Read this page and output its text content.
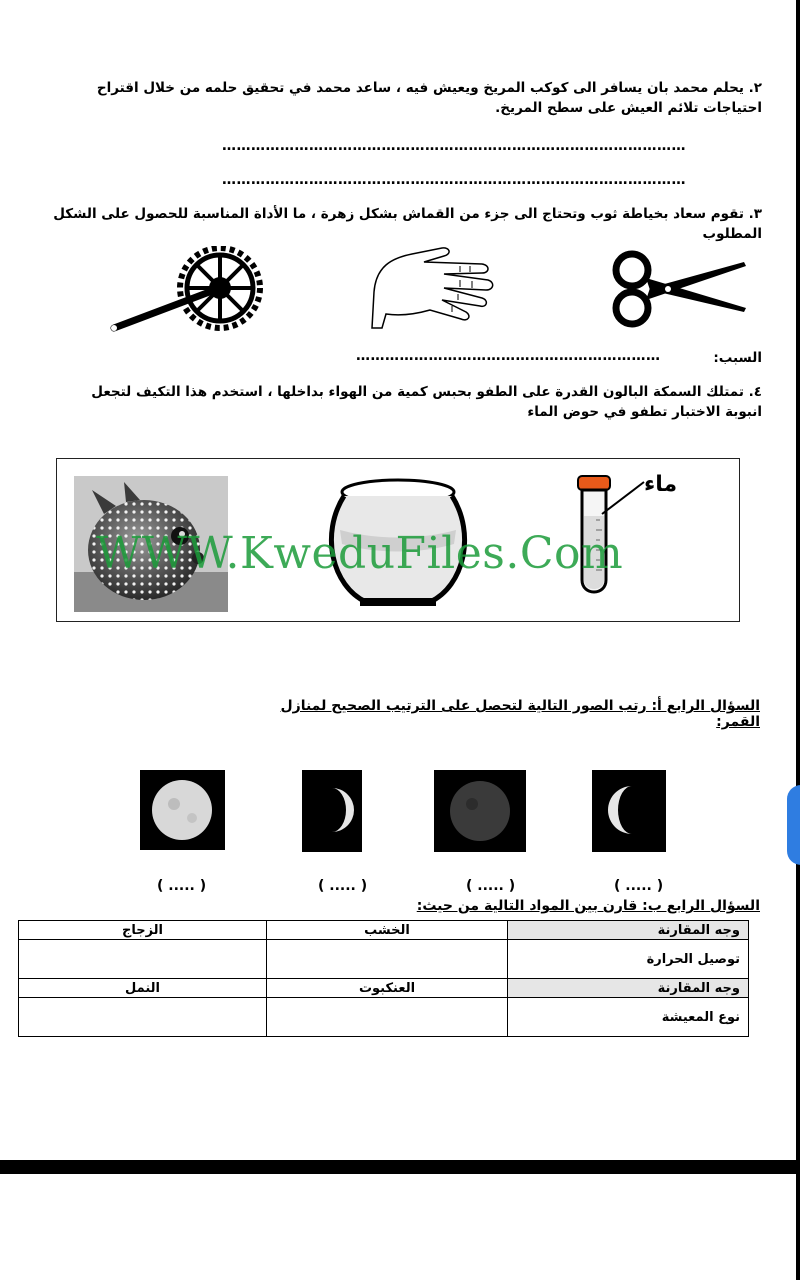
٢. يحلم محمد بان يسافر الى كوكب المريخ ويعيش فيه ، ساعد محمد في تحقيق حلمه من خلال اقتراح احتياجات تلائم العيش على سطح المريخ.
……………………………………………………………………………………
……………………………………………………………………………………
٣. تقوم سعاد بخياطة ثوب وتحتاج الى جزء من القماش بشكل زهرة ، ما الأداة المناسبة للحصول على الشكل المطلوب
السبب:
………………………………………………………
٤. تمتلك السمكة البالون القدرة على الطفو بحبس كمية من الهواء بداخلها ، استخدم هذا التكيف لتجعل انبوبة الاختبار تطفو في حوض الماء
ماء
WWW.KweduFiles.Com
السؤال الرابع أ: رتب الصور التالية لتحصل على الترتيب الصحيح لمنازل القمر:
( ..... )	( ..... )	( ..... )	( ..... )
السؤال الرابع ب: قارن بين المواد التالية من حيث:
وجه المقارنة	الخشب	الزجاج
توصيل الحرارة		
وجه المقارنة	العنكبوت	النمل
نوع المعيشة		
